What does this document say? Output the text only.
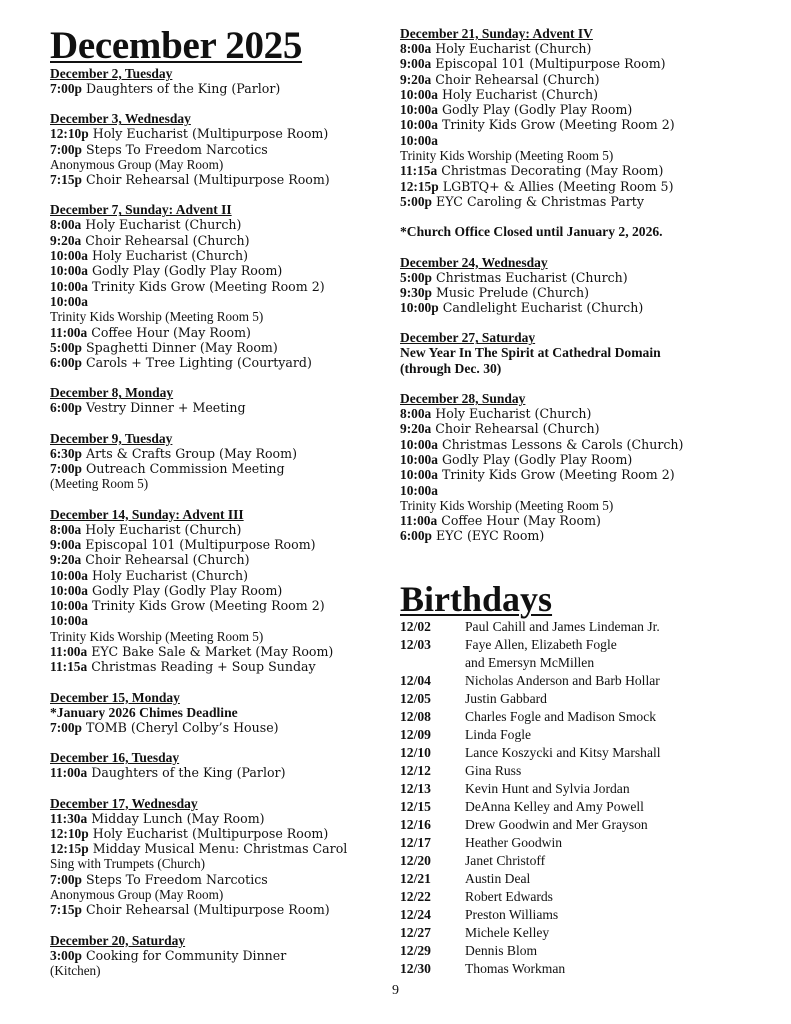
December 2025
December 2, Tuesday
7:00p Daughters of the King (Parlor)
December 3, Wednesday
12:10p Holy Eucharist (Multipurpose Room)
7:00p Steps To Freedom Narcotics
Anonymous Group (May Room)
7:15p Choir Rehearsal (Multipurpose Room)
December 7, Sunday: Advent II
8:00a Holy Eucharist (Church)
9:20a Choir Rehearsal (Church)
10:00a Holy Eucharist (Church)
10:00a Godly Play (Godly Play Room)
10:00a Trinity Kids Grow (Meeting Room 2)
10:00a
Trinity Kids Worship (Meeting Room 5)
11:00a Coffee Hour (May Room)
5:00p Spaghetti Dinner (May Room)
6:00p Carols + Tree Lighting (Courtyard)
December 8, Monday
6:00p Vestry Dinner + Meeting
December 9, Tuesday
6:30p Arts & Crafts Group (May Room)
7:00p Outreach Commission Meeting
(Meeting Room 5)
December 14, Sunday: Advent III
8:00a Holy Eucharist (Church)
9:00a Episcopal 101 (Multipurpose Room)
9:20a Choir Rehearsal (Church)
10:00a Holy Eucharist (Church)
10:00a Godly Play (Godly Play Room)
10:00a Trinity Kids Grow (Meeting Room 2)
10:00a
Trinity Kids Worship (Meeting Room 5)
11:00a EYC Bake Sale & Market (May Room)
11:15a Christmas Reading + Soup Sunday
December 15, Monday
*January 2026 Chimes Deadline
7:00p TOMB (Cheryl Colby’s House)
December 16, Tuesday
11:00a Daughters of the King (Parlor)
December 17, Wednesday
11:30a Midday Lunch (May Room)
12:10p Holy Eucharist (Multipurpose Room)
12:15p Midday Musical Menu: Christmas Carol
Sing with Trumpets (Church)
7:00p Steps To Freedom Narcotics
Anonymous Group (May Room)
7:15p Choir Rehearsal (Multipurpose Room)
December 20, Saturday
3:00p Cooking for Community Dinner
(Kitchen)
December 21, Sunday: Advent IV
8:00a Holy Eucharist (Church)
9:00a Episcopal 101 (Multipurpose Room)
9:20a Choir Rehearsal (Church)
10:00a Holy Eucharist (Church)
10:00a Godly Play (Godly Play Room)
10:00a Trinity Kids Grow (Meeting Room 2)
10:00a
Trinity Kids Worship (Meeting Room 5)
11:15a Christmas Decorating (May Room)
12:15p LGBTQ+ & Allies (Meeting Room 5)
5:00p EYC Caroling & Christmas Party
*Church Office Closed until January 2, 2026.
December 24, Wednesday
5:00p Christmas Eucharist (Church)
9:30p Music Prelude (Church)
10:00p Candlelight Eucharist (Church)
December 27, Saturday
New Year In The Spirit at Cathedral Domain
(through Dec. 30)
December 28, Sunday
8:00a Holy Eucharist (Church)
9:20a Choir Rehearsal (Church)
10:00a Christmas Lessons & Carols (Church)
10:00a Godly Play (Godly Play Room)
10:00a Trinity Kids Grow (Meeting Room 2)
10:00a
Trinity Kids Worship (Meeting Room 5)
11:00a Coffee Hour (May Room)
6:00p EYC (EYC Room)
Birthdays
12/02	Paul Cahill and James Lindeman Jr.
12/03	Faye Allen, Elizabeth Fogle
and Emersyn McMillen
12/04	Nicholas Anderson and Barb Hollar
12/05	Justin Gabbard
12/08	Charles Fogle and Madison Smock
12/09	Linda Fogle
12/10	Lance Koszycki and Kitsy Marshall
12/12	Gina Russ
12/13	Kevin Hunt and Sylvia Jordan
12/15	DeAnna Kelley and Amy Powell
12/16	Drew Goodwin and Mer Grayson
12/17	Heather Goodwin
12/20	Janet Christoff
12/21	Austin Deal
12/22	Robert Edwards
12/24	Preston Williams
12/27	Michele Kelley
12/29	Dennis Blom
12/30	Thomas Workman
9
